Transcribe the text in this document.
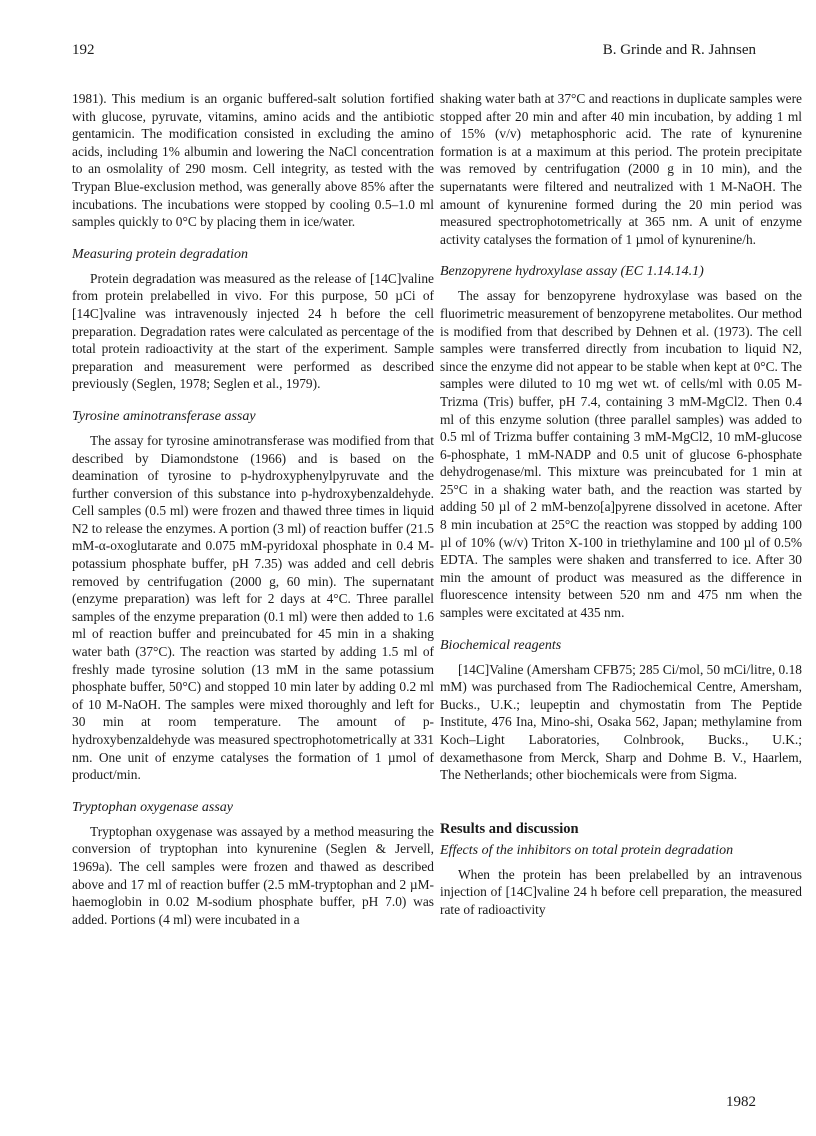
192	B. Grinde and R. Jahnsen

1981). This medium is an organic buffered-salt solution fortified with glucose, pyruvate, vitamins, amino acids and the antibiotic gentamicin. The modification consisted in excluding the amino acids, including 1% albumin and lowering the NaCl concentration to an osmolality of 290 mosm. Cell integrity, as tested with the Trypan Blue-exclusion method, was generally above 85% after the incubations. The incubations were stopped by cooling 0.5–1.0 ml samples quickly to 0°C by placing them in ice/water.

Measuring protein degradation

Protein degradation was measured as the release of [14C]valine from protein prelabelled in vivo. For this purpose, 50 µCi of [14C]valine was intravenously injected 24 h before the cell preparation. Degradation rates were calculated as percentage of the total protein radioactivity at the start of the experiment. Sample preparation and measurement were performed as described previously (Seglen, 1978; Seglen et al., 1979).

Tyrosine aminotransferase assay

The assay for tyrosine aminotransferase was modified from that described by Diamondstone (1966) and is based on the deamination of tyrosine to p-hydroxyphenylpyruvate and the further conversion of this substance into p-hydroxybenzaldehyde. Cell samples (0.5 ml) were frozen and thawed three times in liquid N2 to release the enzymes. A portion (3 ml) of reaction buffer (21.5 mM-α-oxoglutarate and 0.075 mM-pyridoxal phosphate in 0.4 M-potassium phosphate buffer, pH 7.35) was added and cell debris removed by centrifugation (2000 g, 60 min). The supernatant (enzyme preparation) was left for 2 days at 4°C. Three parallel samples of the enzyme preparation (0.1 ml) were then added to 1.6 ml of reaction buffer and preincubated for 45 min in a shaking water bath (37°C). The reaction was started by adding 1.5 ml of freshly made tyrosine solution (13 mM in the same potassium phosphate buffer, 50°C) and stopped 10 min later by adding 0.2 ml of 10 M-NaOH. The samples were mixed thoroughly and left for 30 min at room temperature. The amount of p-hydroxybenzaldehyde was measured spectrophotometrically at 331 nm. One unit of enzyme catalyses the formation of 1 µmol of product/min.

Tryptophan oxygenase assay

Tryptophan oxygenase was assayed by a method measuring the conversion of tryptophan into kynurenine (Seglen & Jervell, 1969a). The cell samples were frozen and thawed as described above and 17 ml of reaction buffer (2.5 mM-tryptophan and 2 µM-haemoglobin in 0.02 M-sodium phosphate buffer, pH 7.0) was added. Portions (4 ml) were incubated in a

shaking water bath at 37°C and reactions in duplicate samples were stopped after 20 min and after 40 min incubation, by adding 1 ml of 15% (v/v) metaphosphoric acid. The rate of kynurenine formation is at a maximum at this period. The protein precipitate was removed by centrifugation (2000 g in 10 min), and the supernatants were filtered and neutralized with 1 M-NaOH. The amount of kynurenine formed during the 20 min period was measured spectrophotometrically at 365 nm. A unit of enzyme activity catalyses the formation of 1 µmol of kynurenine/h.

Benzopyrene hydroxylase assay (EC 1.14.14.1)

The assay for benzopyrene hydroxylase was based on the fluorimetric measurement of benzopyrene metabolites. Our method is modified from that described by Dehnen et al. (1973). The cell samples were transferred directly from incubation to liquid N2, since the enzyme did not appear to be stable when kept at 0°C. The samples were diluted to 10 mg wet wt. of cells/ml with 0.05 M-Trizma (Tris) buffer, pH 7.4, containing 3 mM-MgCl2. Then 0.4 ml of this enzyme solution (three parallel samples) was added to 0.5 ml of Trizma buffer containing 3 mM-MgCl2, 10 mM-glucose 6-phosphate, 1 mM-NADP and 0.5 unit of glucose 6-phosphate dehydrogenase/ml. This mixture was preincubated for 1 min at 25°C in a shaking water bath, and the reaction was started by adding 50 µl of 2 mM-benzo[a]pyrene dissolved in acetone. After 8 min incubation at 25°C the reaction was stopped by adding 100 µl of 10% (w/v) Triton X-100 in triethylamine and 100 µl of 0.5% EDTA. The samples were shaken and transferred to ice. After 30 min the amount of product was measured as the difference in fluorescence intensity between 520 nm and 475 nm when the samples were excitated at 435 nm.

Biochemical reagents

[14C]Valine (Amersham CFB75; 285 Ci/mol, 50 mCi/litre, 0.18 mM) was purchased from The Radiochemical Centre, Amersham, Bucks., U.K.; leupeptin and chymostatin from The Peptide Institute, 476 Ina, Mino-shi, Osaka 562, Japan; methylamine from Koch–Light Laboratories, Colnbrook, Bucks., U.K.; dexamethasone from Merck, Sharp and Dohme B. V., Haarlem, The Netherlands; other biochemicals were from Sigma.

Results and discussion
Effects of the inhibitors on total protein degradation

When the protein has been prelabelled by an intravenous injection of [14C]valine 24 h before cell preparation, the measured rate of radioactivity

1982
